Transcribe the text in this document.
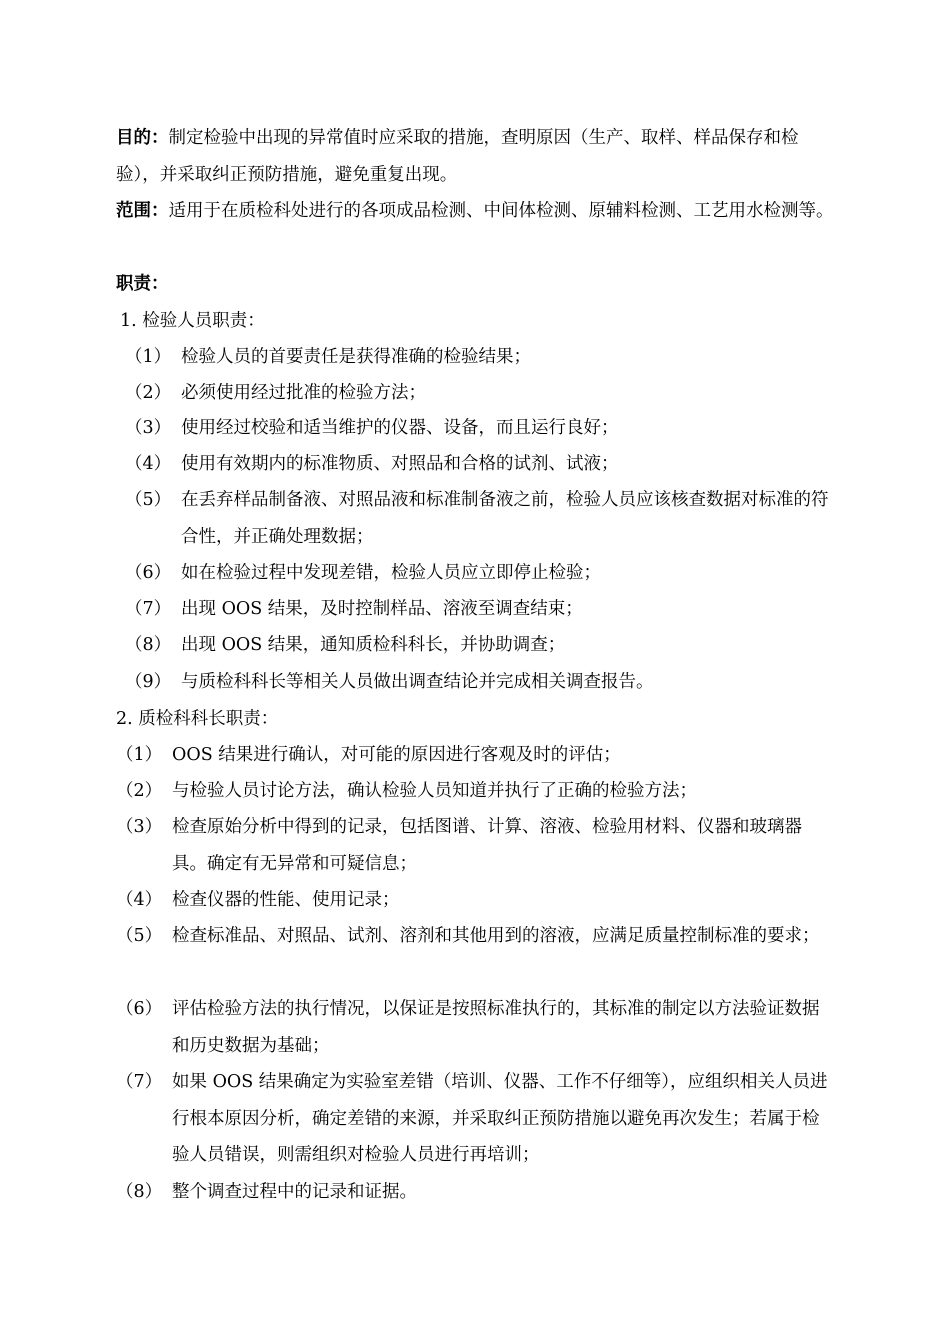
目的：制定检验中出现的异常值时应采取的措施，查明原因（生产、取样、样品保存和检验），并采取纠正预防措施，避免重复出现。

范围：适用于在质检科处进行的各项成品检测、中间体检测、原辅料检测、工艺用水检测等。

职责：

1. 检验人员职责：

（1） 检验人员的首要责任是获得准确的检验结果；
（2） 必须使用经过批准的检验方法；
（3） 使用经过校验和适当维护的仪器、设备，而且运行良好；
（4） 使用有效期内的标准物质、对照品和合格的试剂、试液；
（5） 在丢弃样品制备液、对照品液和标准制备液之前，检验人员应该核查数据对标准的符合性，并正确处理数据；
（6） 如在检验过程中发现差错，检验人员应立即停止检验；
（7） 出现 OOS 结果，及时控制样品、溶液至调查结束；
（8） 出现 OOS 结果，通知质检科科长，并协助调查；
（9） 与质检科科长等相关人员做出调查结论并完成相关调查报告。

2. 质检科科长职责：

（1） OOS 结果进行确认，对可能的原因进行客观及时的评估；
（2） 与检验人员讨论方法，确认检验人员知道并执行了正确的检验方法；
（3） 检查原始分析中得到的记录，包括图谱、计算、溶液、检验用材料、仪器和玻璃器具。确定有无异常和可疑信息；
（4） 检查仪器的性能、使用记录；
（5） 检查标准品、对照品、试剂、溶剂和其他用到的溶液，应满足质量控制标准的要求；
（6） 评估检验方法的执行情况，以保证是按照标准执行的，其标准的制定以方法验证数据和历史数据为基础；
（7） 如果 OOS 结果确定为实验室差错（培训、仪器、工作不仔细等），应组织相关人员进行根本原因分析，确定差错的来源，并采取纠正预防措施以避免再次发生；若属于检验人员错误，则需组织对检验人员进行再培训；
（8） 整个调查过程中的记录和证据。
